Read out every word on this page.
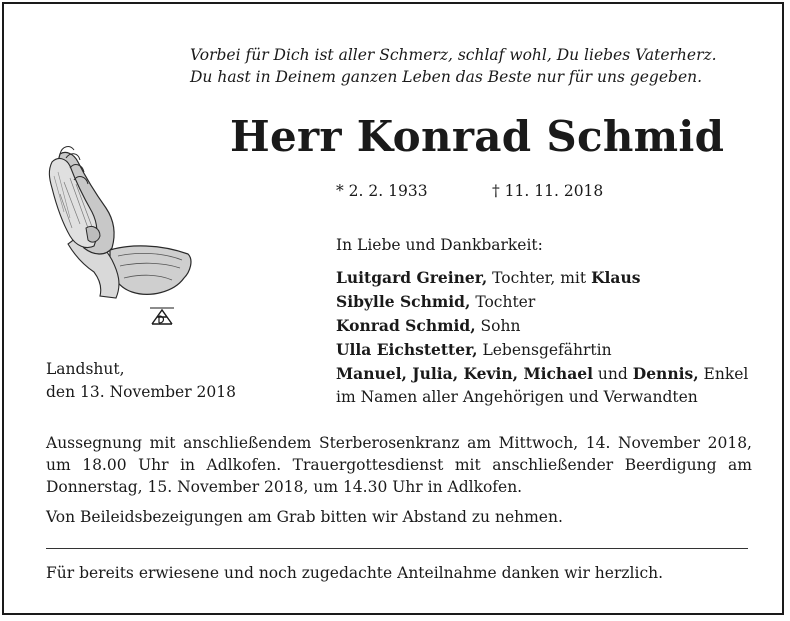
Vorbei für Dich ist aller Schmerz, schlaf wohl, Du liebes Vaterherz.
Du hast in Deinem ganzen Leben das Beste nur für uns gegeben.
Herr Konrad Schmid
* 2. 2. 1933	† 11. 11. 2018
In Liebe und Dankbarkeit:
Luitgard Greiner, Tochter, mit Klaus
Sibylle Schmid, Tochter
Konrad Schmid, Sohn
Ulla Eichstetter, Lebensgefährtin
Manuel, Julia, Kevin, Michael und Dennis, Enkel
im Namen aller Angehörigen und Verwandten
Landshut,
den 13. November 2018

Aussegnung mit anschließendem Sterberosenkranz am Mittwoch, 14. November 2018, um 18.00 Uhr in Adlkofen. Trauergottesdienst mit anschließender Beerdigung am Donnerstag, 15. November 2018, um 14.30 Uhr in Adlkofen.

Von Beileidsbezeigungen am Grab bitten wir Abstand zu nehmen.

Für bereits erwiesene und noch zugedachte Anteilnahme danken wir herzlich.
